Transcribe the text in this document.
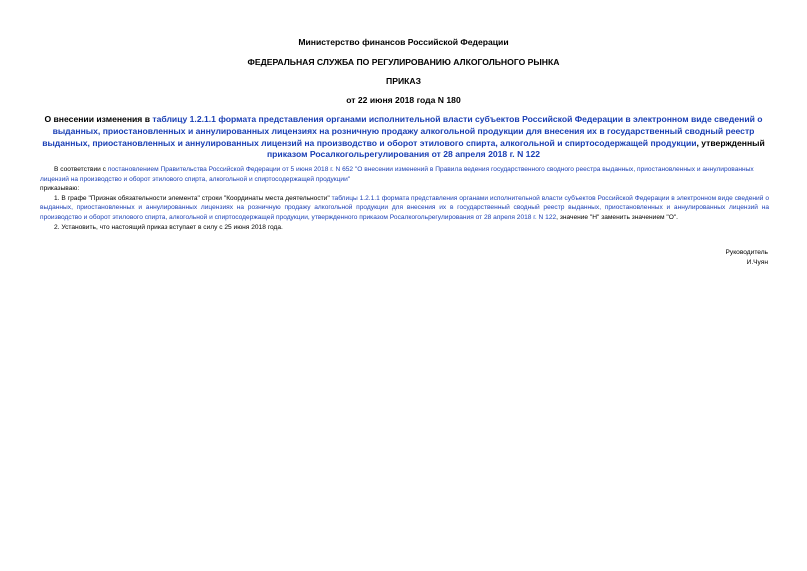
Министерство финансов Российской Федерации
ФЕДЕРАЛЬНАЯ СЛУЖБА ПО РЕГУЛИРОВАНИЮ АЛКОГОЛЬНОГО РЫНКА
ПРИКАЗ
от 22 июня 2018 года N 180
О внесении изменения в таблицу 1.2.1.1 формата представления органами исполнительной власти субъектов Российской Федерации в электронном виде сведений о выданных, приостановленных и аннулированных лицензиях на розничную продажу алкогольной продукции для внесения их в государственный сводный реестр выданных, приостановленных и аннулированных лицензий на производство и оборот этилового спирта, алкогольной и спиртосодержащей продукции, утвержденный приказом Росалкогольрегулирования от 28 апреля 2018 г. N 122

В соответствии с постановлением Правительства Российской Федерации от 5 июня 2018 г. N 652 "О внесении изменений в Правила ведения государственного сводного реестра выданных, приостановленных и аннулированных лицензий на производство и оборот этилового спирта, алкогольной и спиртосодержащей продукции"

приказываю:

1. В графе "Признак обязательности элемента" строки "Координаты места деятельности" таблицы 1.2.1.1 формата представления органами исполнительной власти субъектов Российской Федерации в электронном виде сведений о выданных, приостановленных и аннулированных лицензиях на розничную продажу алкогольной продукции для внесения их в государственный сводный реестр выданных, приостановленных и аннулированных лицензий на производство и оборот этилового спирта, алкогольной и спиртосодержащей продукции, утвержденного приказом Росалкогольрегулирования от 28 апреля 2018 г. N 122, значение "Н" заменить значением "О".

2. Установить, что настоящий приказ вступает в силу с 25 июня 2018 года.

Руководитель
И.Чуян
